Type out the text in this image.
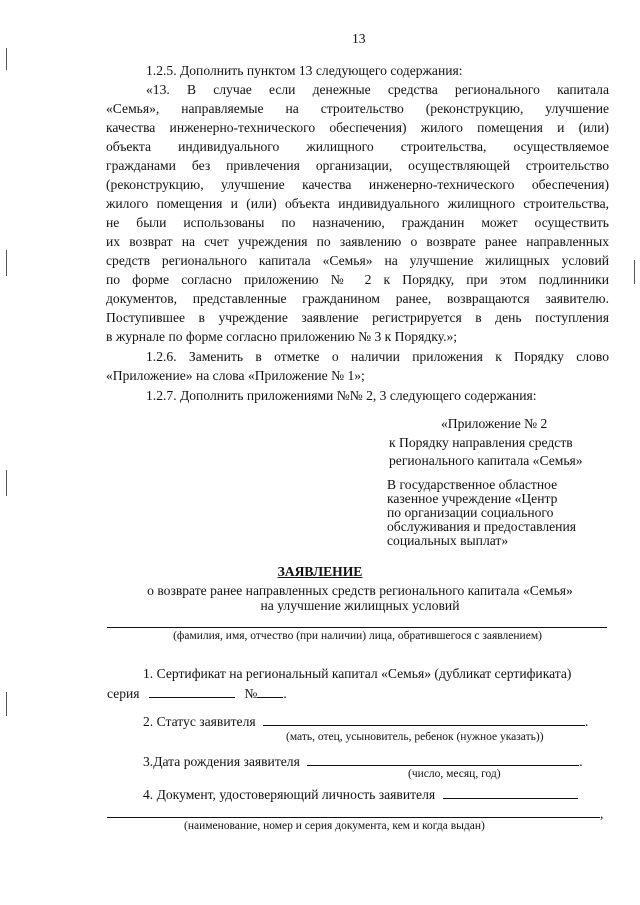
13
1.2.5. Дополнить пунктом 13 следующего содержания:
«13. В случае если денежные средства регионального капитала
«Семья», направляемые на строительство (реконструкцию, улучшение
качества инженерно-технического обеспечения) жилого помещения и (или)
объекта индивидуального жилищного строительства, осуществляемое
гражданами без привлечения организации, осуществляющей строительство
(реконструкцию, улучшение качества инженерно-технического обеспечения)
жилого помещения и (или) объекта индивидуального жилищного строительства,
не были использованы по назначению, гражданин может осуществить
их возврат на счет учреждения по заявлению о возврате ранее направленных
средств регионального капитала «Семья» на улучшение жилищных условий
по форме согласно приложению № 2 к Порядку, при этом подлинники
документов, представленные гражданином ранее, возвращаются заявителю.
Поступившее в учреждение заявление регистрируется в день поступления
в журнале по форме согласно приложению № 3 к Порядку.»;
1.2.6. Заменить в отметке о наличии приложения к Порядку слово
«Приложение» на слова «Приложение № 1»;
1.2.7. Дополнить приложениями №№ 2, 3 следующего содержания:
«Приложение № 2
к Порядку направления средств
регионального капитала «Семья»
В государственное областное
казенное учреждение «Центр
по организации социального
обслуживания и предоставления
социальных выплат»
ЗАЯВЛЕНИЕ
о возврате ранее направленных средств регионального капитала «Семья»
на улучшение жилищных условий
(фамилия, имя, отчество (при наличии) лица, обратившегося с заявлением)
1. Сертификат на региональный капитал «Семья» (дубликат сертификата)
серия	№ .
2. Статус заявителя	.
(мать, отец, усыновитель, ребенок (нужное указать))
3.Дата рождения заявителя	.
(число, месяц, год)
4. Документ, удостоверяющий личность заявителя
,
(наименование, номер и серия документа, кем и когда выдан)
